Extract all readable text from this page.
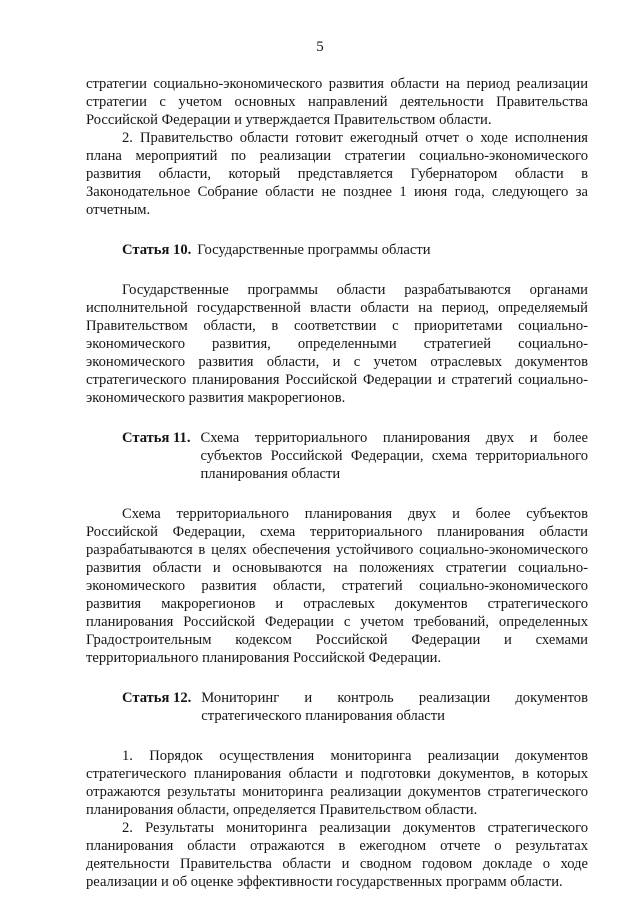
5

стратегии социально-экономического развития области на период реализации стратегии с учетом основных направлений деятельности Правительства Российской Федерации и утверждается Правительством области.

2. Правительство области готовит ежегодный отчет о ходе исполнения плана мероприятий по реализации стратегии социально-экономического развития области, который представляется Губернатором области в Законодательное Собрание области не позднее 1 июня года, следующего за отчетным.

Статья 10. Государственные программы области

Государственные программы области разрабатываются органами исполнительной государственной власти области на период, определяемый Правительством области, в соответствии с приоритетами социально-экономического развития, определенными стратегией социально-экономического развития области, и с учетом отраслевых документов стратегического планирования Российской Федерации и стратегий социально-экономического развития макрорегионов.

Статья 11. Схема территориального планирования двух и более субъектов Российской Федерации, схема территориального планирования области

Схема территориального планирования двух и более субъектов Российской Федерации, схема территориального планирования области разрабатываются в целях обеспечения устойчивого социально-экономического развития области и основываются на положениях стратегии социально-экономического развития области, стратегий социально-экономического развития макрорегионов и отраслевых документов стратегического планирования Российской Федерации с учетом требований, определенных Градостроительным кодексом Российской Федерации и схемами территориального планирования Российской Федерации.

Статья 12. Мониторинг и контроль реализации документов стратегического планирования области

1. Порядок осуществления мониторинга реализации документов стратегического планирования области и подготовки документов, в которых отражаются результаты мониторинга реализации документов стратегического планирования области, определяется Правительством области.

2. Результаты мониторинга реализации документов стратегического планирования области отражаются в ежегодном отчете о результатах деятельности Правительства области и сводном годовом докладе о ходе реализации и об оценке эффективности государственных программ области.
